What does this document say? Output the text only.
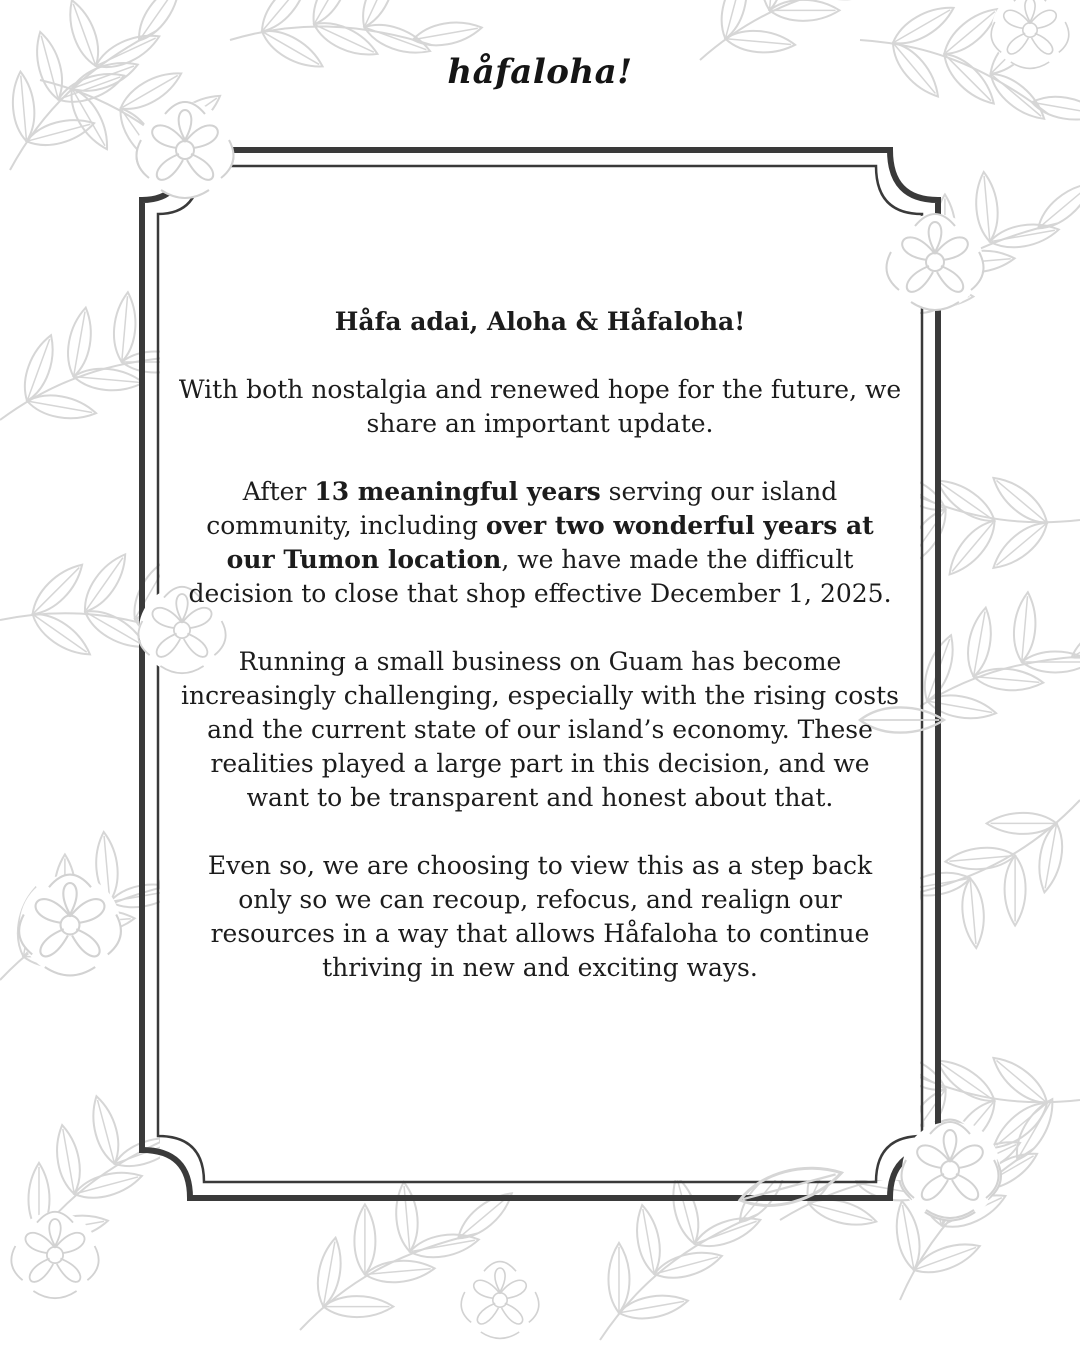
håfaloha!

Håfa adai, Aloha & Håfaloha!

With both nostalgia and renewed hope for the future, we share an important update.

After 13 meaningful years serving our island community, including over two wonderful years at our Tumon location, we have made the difficult decision to close that shop effective December 1, 2025.

Running a small business on Guam has become increasingly challenging, especially with the rising costs and the current state of our island’s economy. These realities played a large part in this decision, and we want to be transparent and honest about that.

Even so, we are choosing to view this as a step back only so we can recoup, refocus, and realign our resources in a way that allows Håfaloha to continue thriving in new and exciting ways.
